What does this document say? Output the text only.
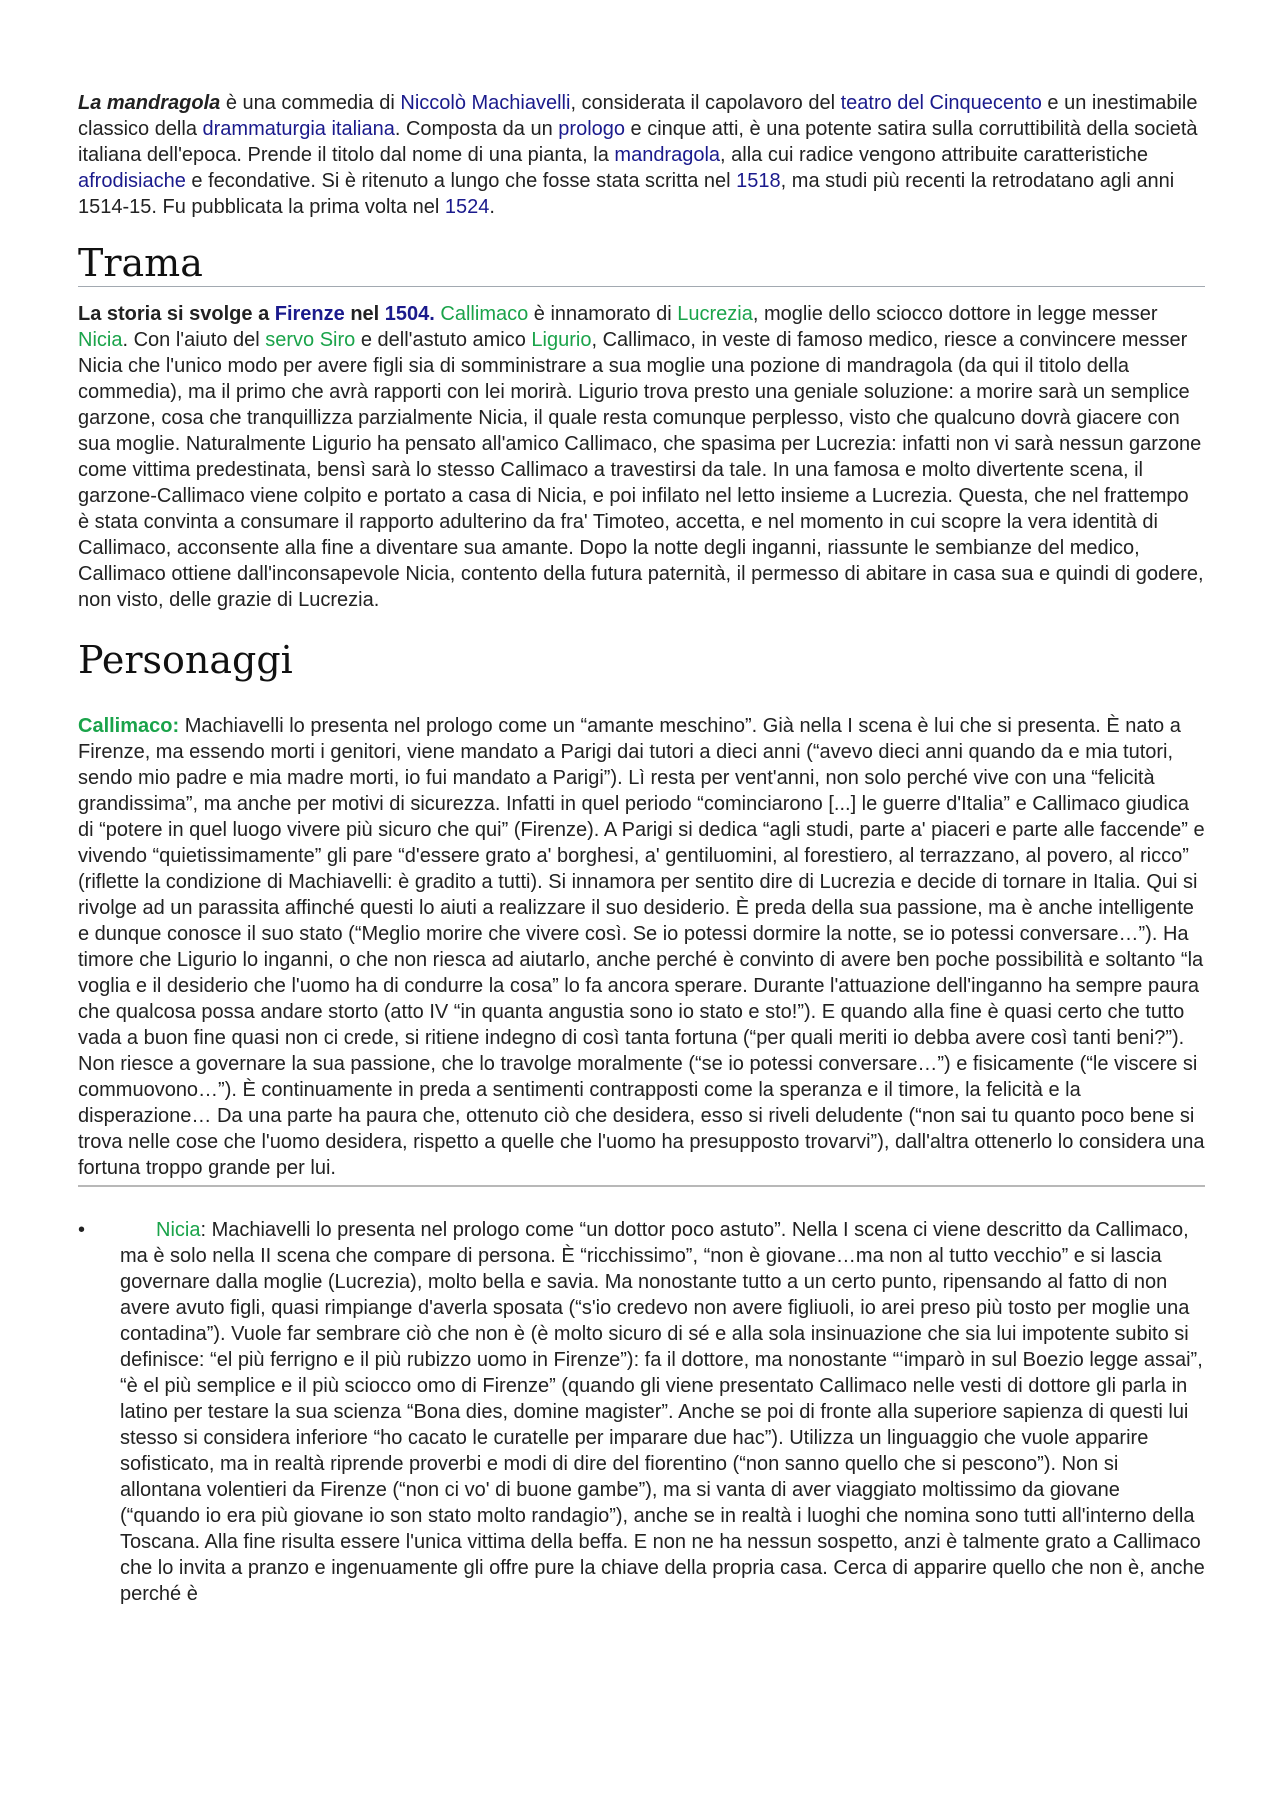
La mandragola è una commedia di Niccolò Machiavelli, considerata il capolavoro del teatro del Cinquecento e un inestimabile classico della drammaturgia italiana. Composta da un prologo e cinque atti, è una potente satira sulla corruttibilità della società italiana dell'epoca. Prende il titolo dal nome di una pianta, la mandragola, alla cui radice vengono attribuite caratteristiche afrodisiache e fecondative. Si è ritenuto a lungo che fosse stata scritta nel 1518, ma studi più recenti la retrodatano agli anni 1514-15. Fu pubblicata la prima volta nel 1524.

Trama

La storia si svolge a Firenze nel 1504. Callimaco è innamorato di Lucrezia, moglie dello sciocco dottore in legge messer Nicia. Con l'aiuto del servo Siro e dell'astuto amico Ligurio, Callimaco, in veste di famoso medico, riesce a convincere messer Nicia che l'unico modo per avere figli sia di somministrare a sua moglie una pozione di mandragola (da qui il titolo della commedia), ma il primo che avrà rapporti con lei morirà. Ligurio trova presto una geniale soluzione: a morire sarà un semplice garzone, cosa che tranquillizza parzialmente Nicia, il quale resta comunque perplesso, visto che qualcuno dovrà giacere con sua moglie. Naturalmente Ligurio ha pensato all'amico Callimaco, che spasima per Lucrezia: infatti non vi sarà nessun garzone come vittima predestinata, bensì sarà lo stesso Callimaco a travestirsi da tale. In una famosa e molto divertente scena, il garzone-Callimaco viene colpito e portato a casa di Nicia, e poi infilato nel letto insieme a Lucrezia. Questa, che nel frattempo è stata convinta a consumare il rapporto adulterino da fra' Timoteo, accetta, e nel momento in cui scopre la vera identità di Callimaco, acconsente alla fine a diventare sua amante. Dopo la notte degli inganni, riassunte le sembianze del medico, Callimaco ottiene dall'inconsapevole Nicia, contento della futura paternità, il permesso di abitare in casa sua e quindi di godere, non visto, delle grazie di Lucrezia.

Personaggi

Callimaco: Machiavelli lo presenta nel prologo come un “amante meschino”. Già nella I scena è lui che si presenta. È nato a Firenze, ma essendo morti i genitori, viene mandato a Parigi dai tutori a dieci anni (“avevo dieci anni quando da e mia tutori, sendo mio padre e mia madre morti, io fui mandato a Parigi”). Lì resta per vent'anni, non solo perché vive con una “felicità grandissima”, ma anche per motivi di sicurezza. Infatti in quel periodo “cominciarono [...] le guerre d'Italia” e Callimaco giudica di “potere in quel luogo vivere più sicuro che qui” (Firenze). A Parigi si dedica “agli studi, parte a' piaceri e parte alle faccende” e vivendo “quietissimamente” gli pare “d'essere grato a' borghesi, a' gentiluomini, al forestiero, al terrazzano, al povero, al ricco” (riflette la condizione di Machiavelli: è gradito a tutti). Si innamora per sentito dire di Lucrezia e decide di tornare in Italia. Qui si rivolge ad un parassita affinché questi lo aiuti a realizzare il suo desiderio. È preda della sua passione, ma è anche intelligente e dunque conosce il suo stato (“Meglio morire che vivere così. Se io potessi dormire la notte, se io potessi conversare…”). Ha timore che Ligurio lo inganni, o che non riesca ad aiutarlo, anche perché è convinto di avere ben poche possibilità e soltanto “la voglia e il desiderio che l'uomo ha di condurre la cosa” lo fa ancora sperare. Durante l'attuazione dell'inganno ha sempre paura che qualcosa possa andare storto (atto IV “in quanta angustia sono io stato e sto!”). E quando alla fine è quasi certo che tutto vada a buon fine quasi non ci crede, si ritiene indegno di così tanta fortuna (“per quali meriti io debba avere così tanti beni?”). Non riesce a governare la sua passione, che lo travolge moralmente (“se io potessi conversare…”) e fisicamente (“le viscere si commuovono…”). È continuamente in preda a sentimenti contrapposti come la speranza e il timore, la felicità e la disperazione… Da una parte ha paura che, ottenuto ciò che desidera, esso si riveli deludente (“non sai tu quanto poco bene si trova nelle cose che l'uomo desidera, rispetto a quelle che l'uomo ha presupposto trovarvi”), dall'altra ottenerlo lo considera una fortuna troppo grande per lui.

•	Nicia: Machiavelli lo presenta nel prologo come “un dottor poco astuto”. Nella I scena ci viene descritto da Callimaco, ma è solo nella II scena che compare di persona. È “ricchissimo”, “non è giovane…ma non al tutto vecchio” e si lascia governare dalla moglie (Lucrezia), molto bella e savia. Ma nonostante tutto a un certo punto, ripensando al fatto di non avere avuto figli, quasi rimpiange d'averla sposata (“s'io credevo non avere figliuoli, io arei preso più tosto per moglie una contadina”). Vuole far sembrare ciò che non è (è molto sicuro di sé e alla sola insinuazione che sia lui impotente subito si definisce: “el più ferrigno e il più rubizzo uomo in Firenze”): fa il dottore, ma nonostante “‘imparò in sul Boezio legge assai”, “è el più semplice e il più sciocco omo di Firenze” (quando gli viene presentato Callimaco nelle vesti di dottore gli parla in latino per testare la sua scienza “Bona dies, domine magister”. Anche se poi di fronte alla superiore sapienza di questi lui stesso si considera inferiore “ho cacato le curatelle per imparare due hac”). Utilizza un linguaggio che vuole apparire sofisticato, ma in realtà riprende proverbi e modi di dire del fiorentino (“non sanno quello che si pescono”). Non si allontana volentieri da Firenze (“non ci vo' di buone gambe”), ma si vanta di aver viaggiato moltissimo da giovane (“quando io era più giovane io son stato molto randagio”), anche se in realtà i luoghi che nomina sono tutti all'interno della Toscana. Alla fine risulta essere l'unica vittima della beffa. E non ne ha nessun sospetto, anzi è talmente grato a Callimaco che lo invita a pranzo e ingenuamente gli offre pure la chiave della propria casa. Cerca di apparire quello che non è, anche perché è
